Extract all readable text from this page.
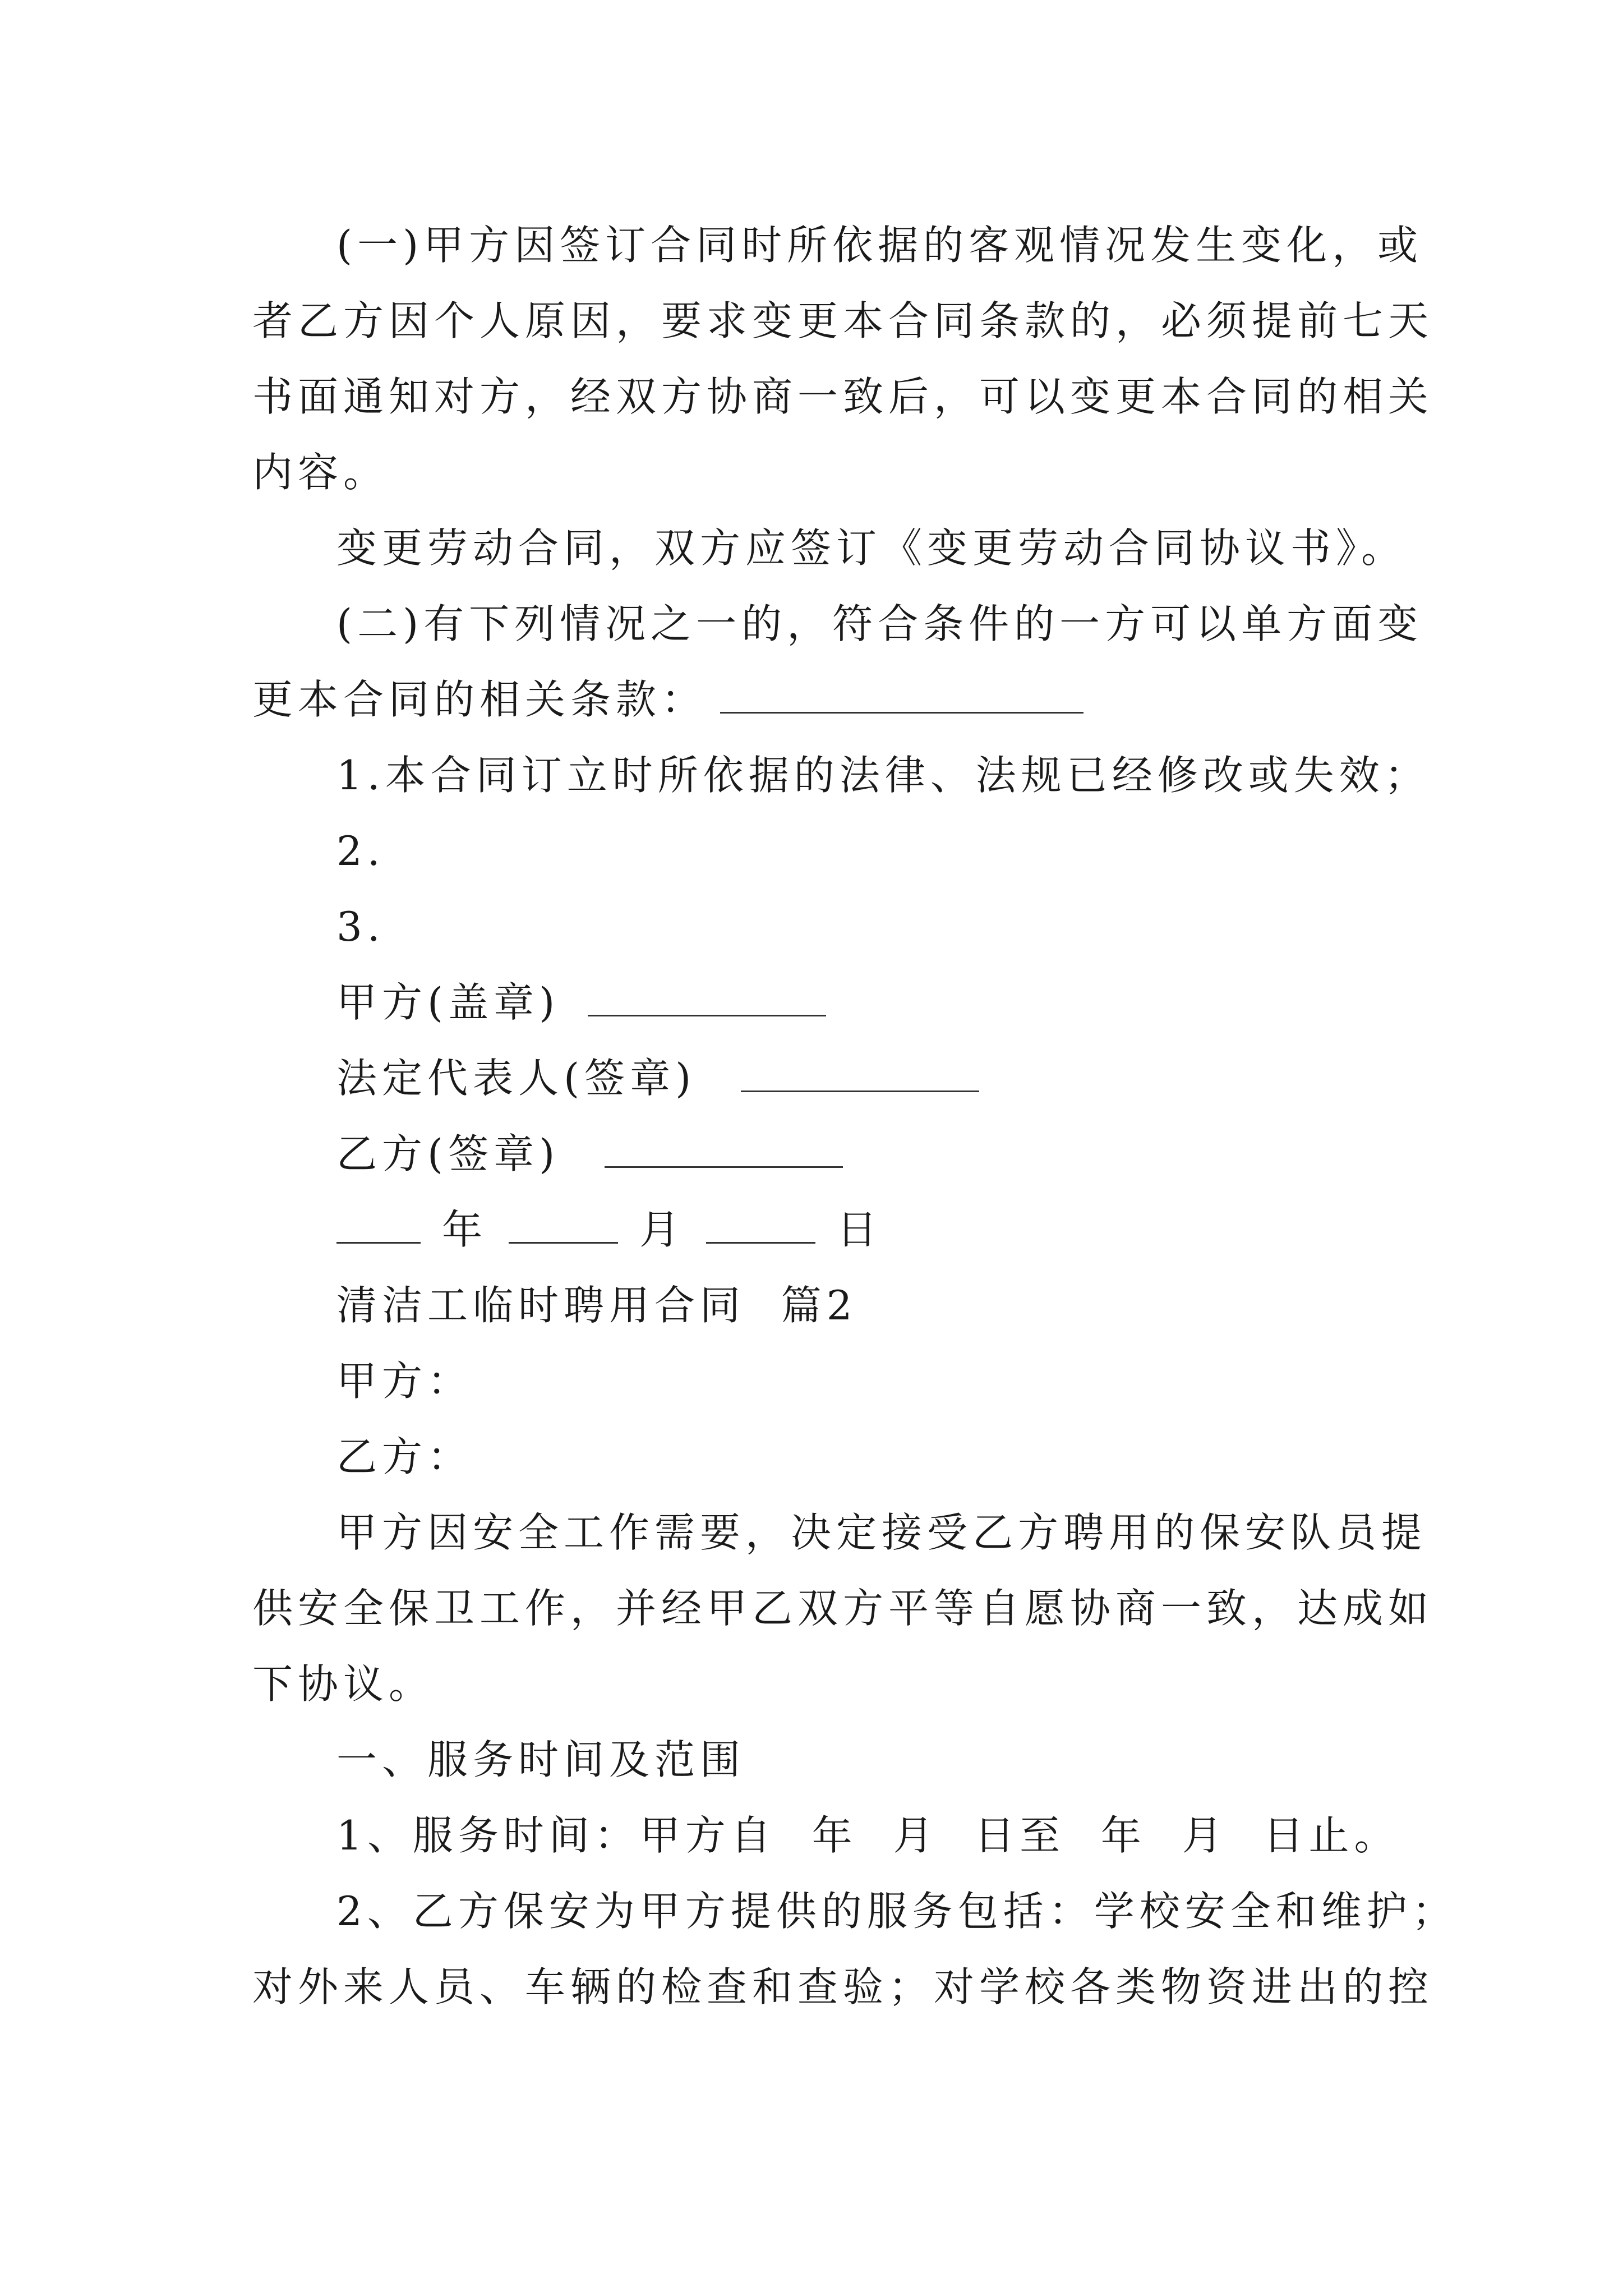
(一)甲方因签订合同时所依据的客观情况发生变化，或
者乙方因个人原因，要求变更本合同条款的，必须提前七天
书面通知对方，经双方协商一致后，可以变更本合同的相关
内容。
变更劳动合同，双方应签订《变更劳动合同协议书》。
(二)有下列情况之一的，符合条件的一方可以单方面变
更本合同的相关条款：
1.本合同订立时所依据的法律、法规已经修改或失效；
2.
3.
甲方(盖章)
法定代表人(签章)
乙方(签章)
年	月	日
清洁工临时聘用合同  篇2
甲方：
乙方：
甲方因安全工作需要，决定接受乙方聘用的保安队员提
供安全保卫工作，并经甲乙双方平等自愿协商一致，达成如
下协议。
一、服务时间及范围
1、服务时间：甲方自  年  月  日至  年  月  日止。
2、乙方保安为甲方提供的服务包括：学校安全和维护；
对外来人员、车辆的检查和查验；对学校各类物资进出的控
